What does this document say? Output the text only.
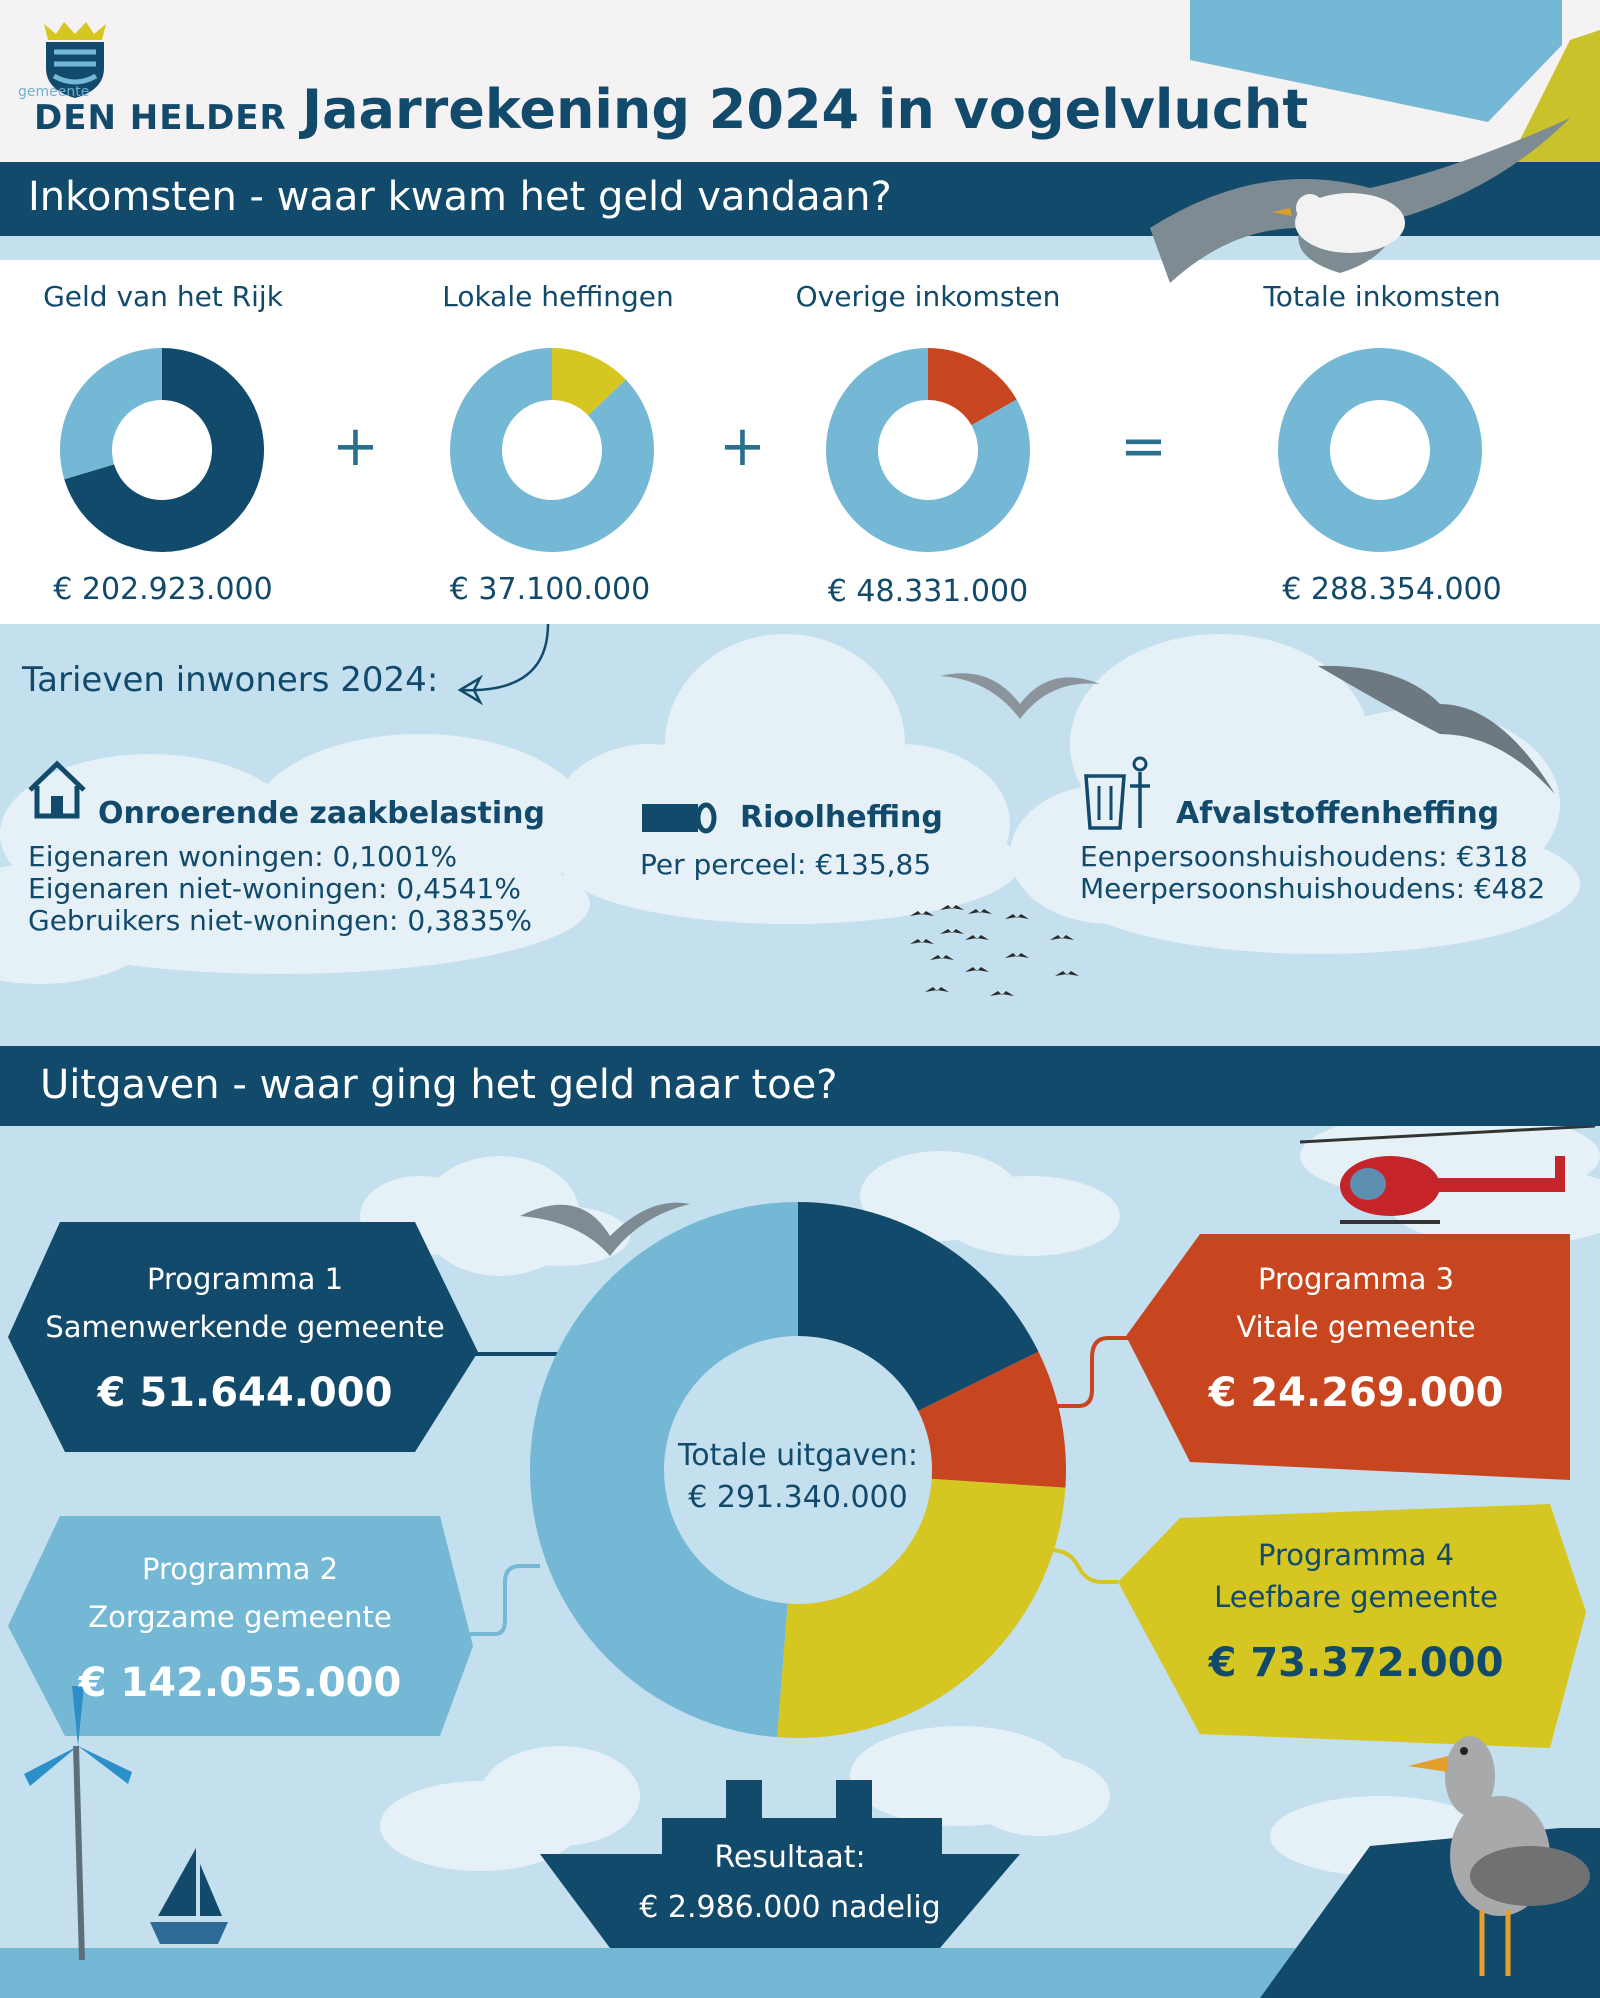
gemeente
DEN HELDER Jaarrekening 2024 in vogelvlucht
Inkomsten - waar kwam het geld vandaan?
Geld van het Rijk	Lokale heffingen	Overige inkomsten	Totale inkomsten
+	+	=
€ 202.923.000	€ 37.100.000	€ 48.331.000	€ 288.354.000
Tarieven inwoners 2024:
Onroerende zaakbelasting
Eigenaren woningen: 0,1001%
Eigenaren niet-woningen: 0,4541%
Gebruikers niet-woningen: 0,3835%
Rioolheffing
Per perceel: €135,85
Afvalstoffenheffing
Eenpersoonshuishoudens: €318
Meerpersoonshuishoudens: €482
Uitgaven - waar ging het geld naar toe?
Totale uitgaven:
€ 291.340.000
Programma 1
Samenwerkende gemeente
€ 51.644.000
Programma 2
Zorgzame gemeente
€ 142.055.000
Programma 3
Vitale gemeente
€ 24.269.000
Programma 4
Leefbare gemeente
€ 73.372.000
Resultaat:
€ 2.986.000 nadelig
